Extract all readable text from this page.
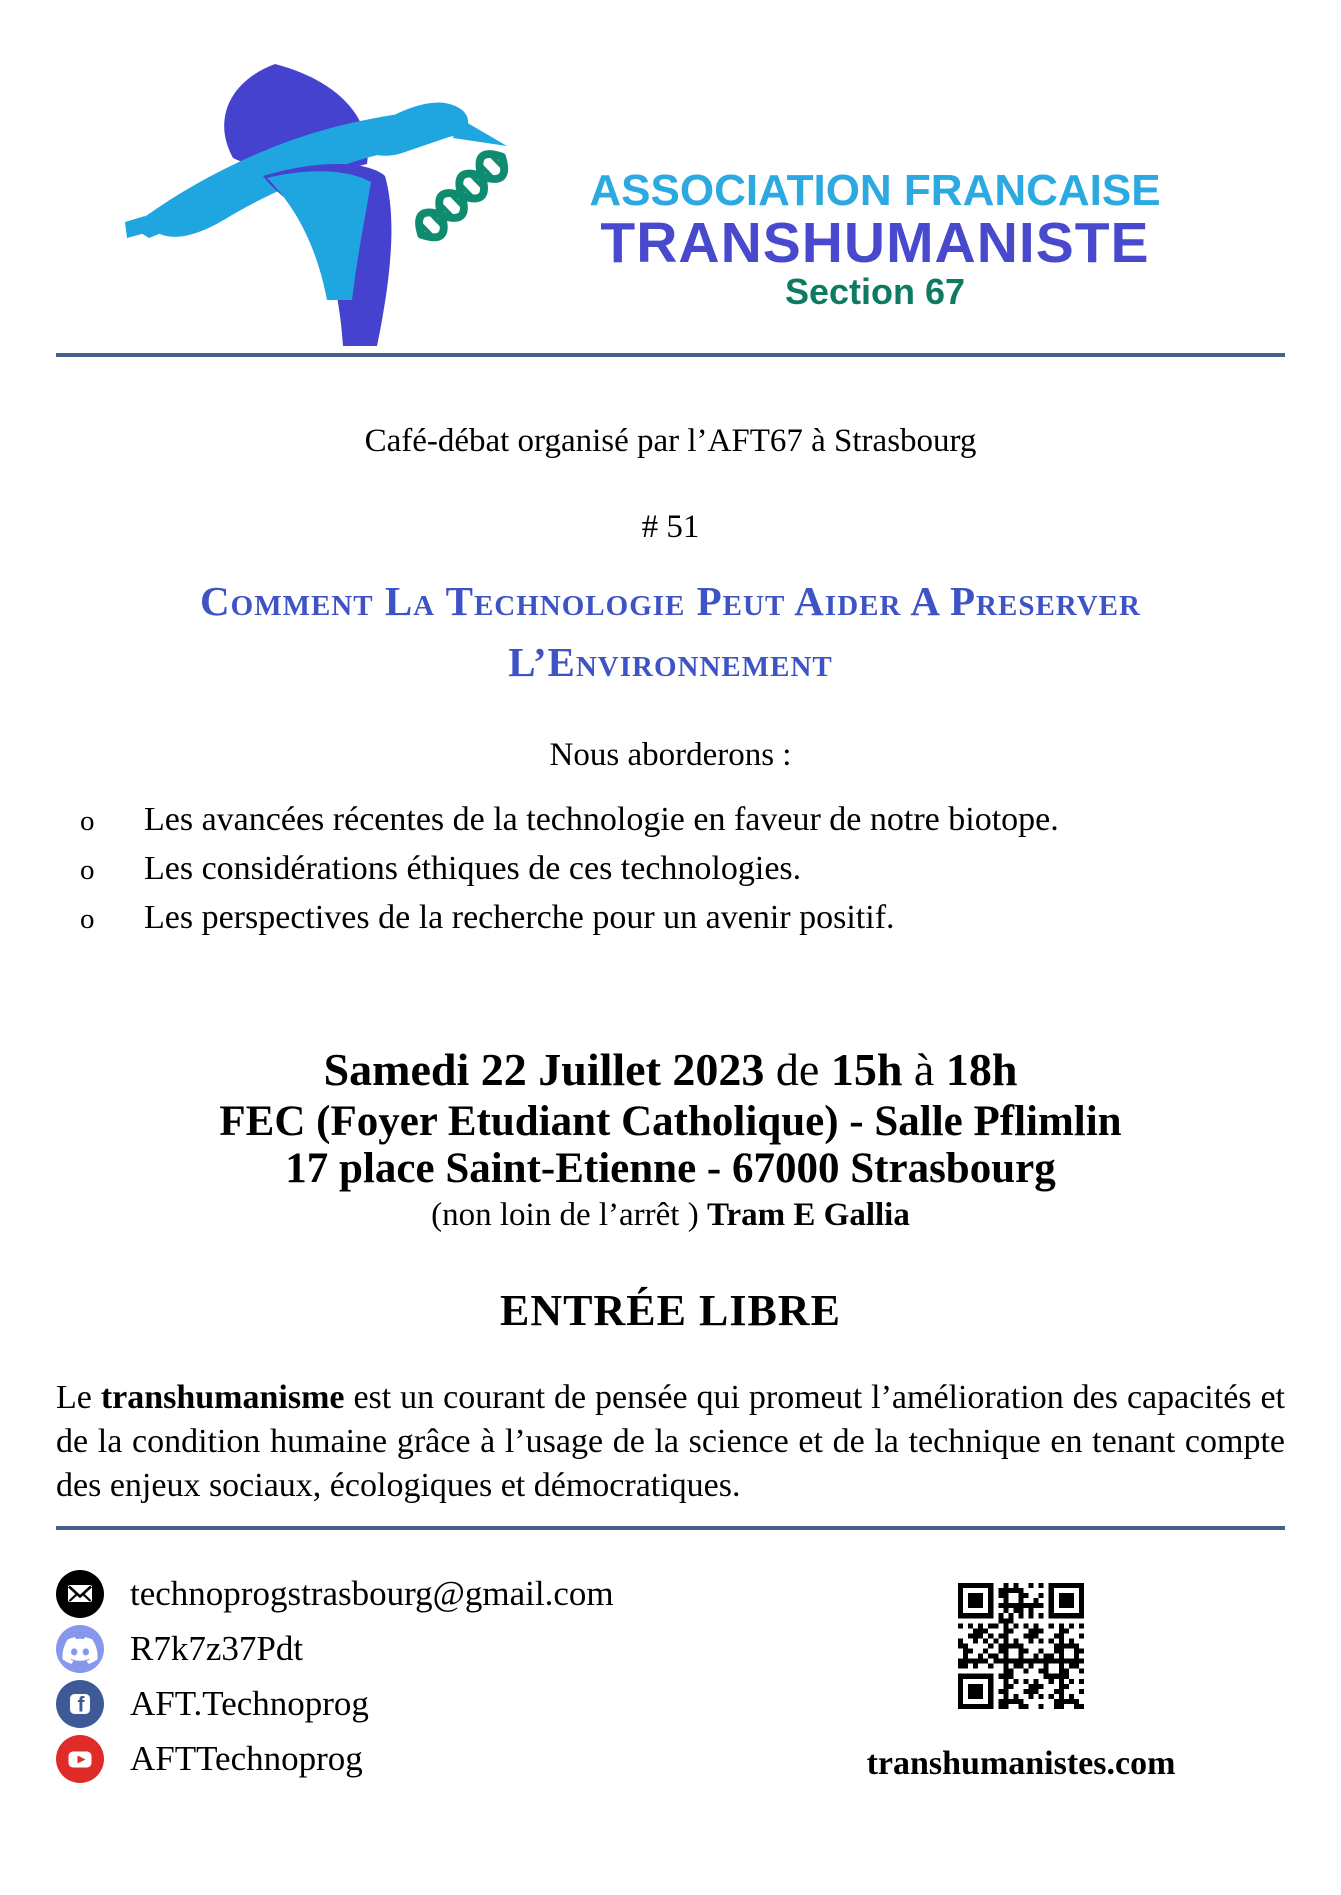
ASSOCIATION FRANCAISE
TRANSHUMANISTE
Section 67

Café-débat organisé par l’AFT67 à Strasbourg

# 51

Comment La Technologie Peut Aider A Preserver
L’Environnement

Nous aborderons :

o Les avancées récentes de la technologie en faveur de notre biotope.
o Les considérations éthiques de ces technologies.
o Les perspectives de la recherche pour un avenir positif.

Samedi 22 Juillet 2023 de 15h à 18h

FEC (Foyer Etudiant Catholique) - Salle Pflimlin
17 place Saint-Etienne - 67000 Strasbourg

(non loin de l’arrêt ) Tram E Gallia

ENTRÉE LIBRE

Le transhumanisme est un courant de pensée qui promeut l’amélioration des capacités et de la condition humaine grâce à l’usage de la science et de la technique en tenant compte des enjeux sociaux, écologiques et démocratiques.

technoprogstrasbourg@gmail.com
R7k7z37Pdt
f AFT.Technoprog
AFTTechnoprog	transhumanistes.com
